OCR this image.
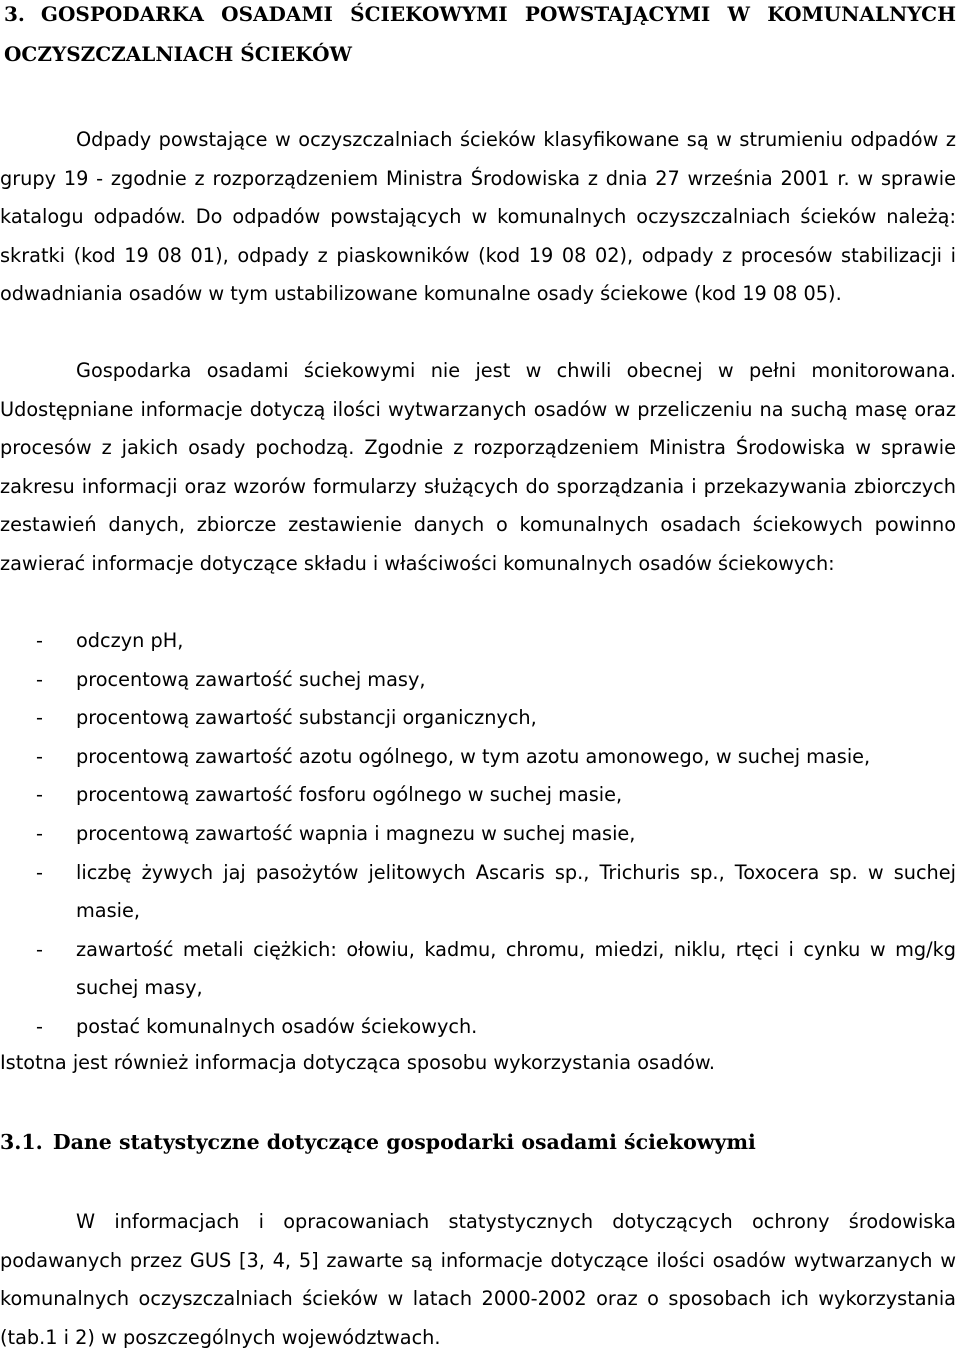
3. GOSPODARKA OSADAMI ŚCIEKOWYMI POWSTAJĄCYMI W KOMUNALNYCH OCZYSZCZALNIACH ŚCIEKÓW

Odpady powstające w oczyszczalniach ścieków klasyfikowane są w strumieniu odpadów z grupy 19 - zgodnie z rozporządzeniem Ministra Środowiska z dnia 27 września 2001 r. w sprawie katalogu odpadów. Do odpadów powstających w komunalnych oczyszczalniach ścieków należą: skratki (kod 19 08 01), odpady z piaskowników (kod 19 08 02), odpady z procesów stabilizacji i odwadniania osadów w tym ustabilizowane komunalne osady ściekowe (kod 19 08 05).

Gospodarka osadami ściekowymi nie jest w chwili obecnej w pełni monitorowana. Udostępniane informacje dotyczą ilości wytwarzanych osadów w przeliczeniu na suchą masę oraz procesów z jakich osady pochodzą. Zgodnie z rozporządzeniem Ministra Środowiska w sprawie zakresu informacji oraz wzorów formularzy służących do sporządzania i przekazywania zbiorczych zestawień danych, zbiorcze zestawienie danych o komunalnych osadach ściekowych powinno zawierać informacje dotyczące składu i właściwości komunalnych osadów ściekowych:

- odczyn pH,
- procentową zawartość suchej masy,
- procentową zawartość substancji organicznych,
- procentową zawartość azotu ogólnego, w tym azotu amonowego, w suchej masie,
- procentową zawartość fosforu ogólnego w suchej masie,
- procentową zawartość wapnia i magnezu w suchej masie,
- liczbę żywych jaj pasożytów jelitowych Ascaris sp., Trichuris sp., Toxocera sp. w suchej masie,
- zawartość metali ciężkich: ołowiu, kadmu, chromu, miedzi, niklu, rtęci i cynku w mg/kg suchej masy,
- postać komunalnych osadów ściekowych.

Istotna jest również informacja dotycząca sposobu wykorzystania osadów.

3.1. Dane statystyczne dotyczące gospodarki osadami ściekowymi

W informacjach i opracowaniach statystycznych dotyczących ochrony środowiska podawanych przez GUS [3, 4, 5] zawarte są informacje dotyczące ilości osadów wytwarzanych w komunalnych oczyszczalniach ścieków w latach 2000-2002 oraz o sposobach ich wykorzystania (tab.1 i 2) w poszczególnych województwach.
